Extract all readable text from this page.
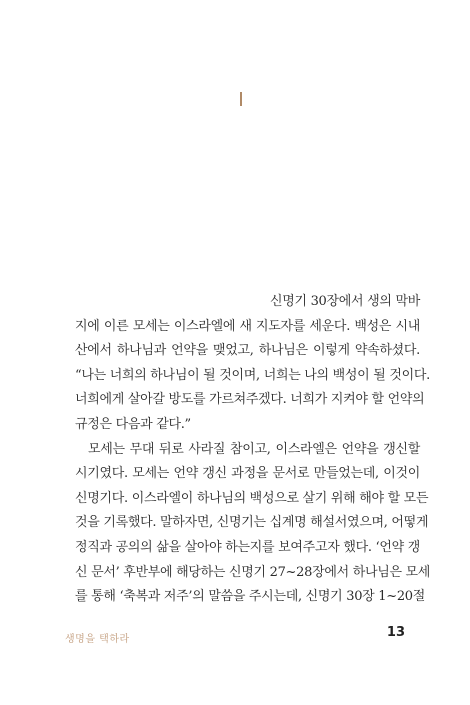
신명기 30장에서 생의 막바
지에 이른 모세는 이스라엘에 새 지도자를 세운다. 백성은 시내
산에서 하나님과 언약을 맺었고, 하나님은 이렇게 약속하셨다.
“나는 너희의 하나님이 될 것이며, 너희는 나의 백성이 될 것이다.
너희에게 살아갈 방도를 가르쳐주겠다. 너희가 지켜야 할 언약의
규정은 다음과 같다.”
모세는 무대 뒤로 사라질 참이고, 이스라엘은 언약을 갱신할
시기였다. 모세는 언약 갱신 과정을 문서로 만들었는데, 이것이
신명기다. 이스라엘이 하나님의 백성으로 살기 위해 해야 할 모든
것을 기록했다. 말하자면, 신명기는 십계명 해설서였으며, 어떻게
정직과 공의의 삶을 살아야 하는지를 보여주고자 했다. ‘언약 갱
신 문서’ 후반부에 해당하는 신명기 27~28장에서 하나님은 모세
를 통해 ‘축복과 저주’의 말씀을 주시는데, 신명기 30장 1~20절
생명을 택하라	13
